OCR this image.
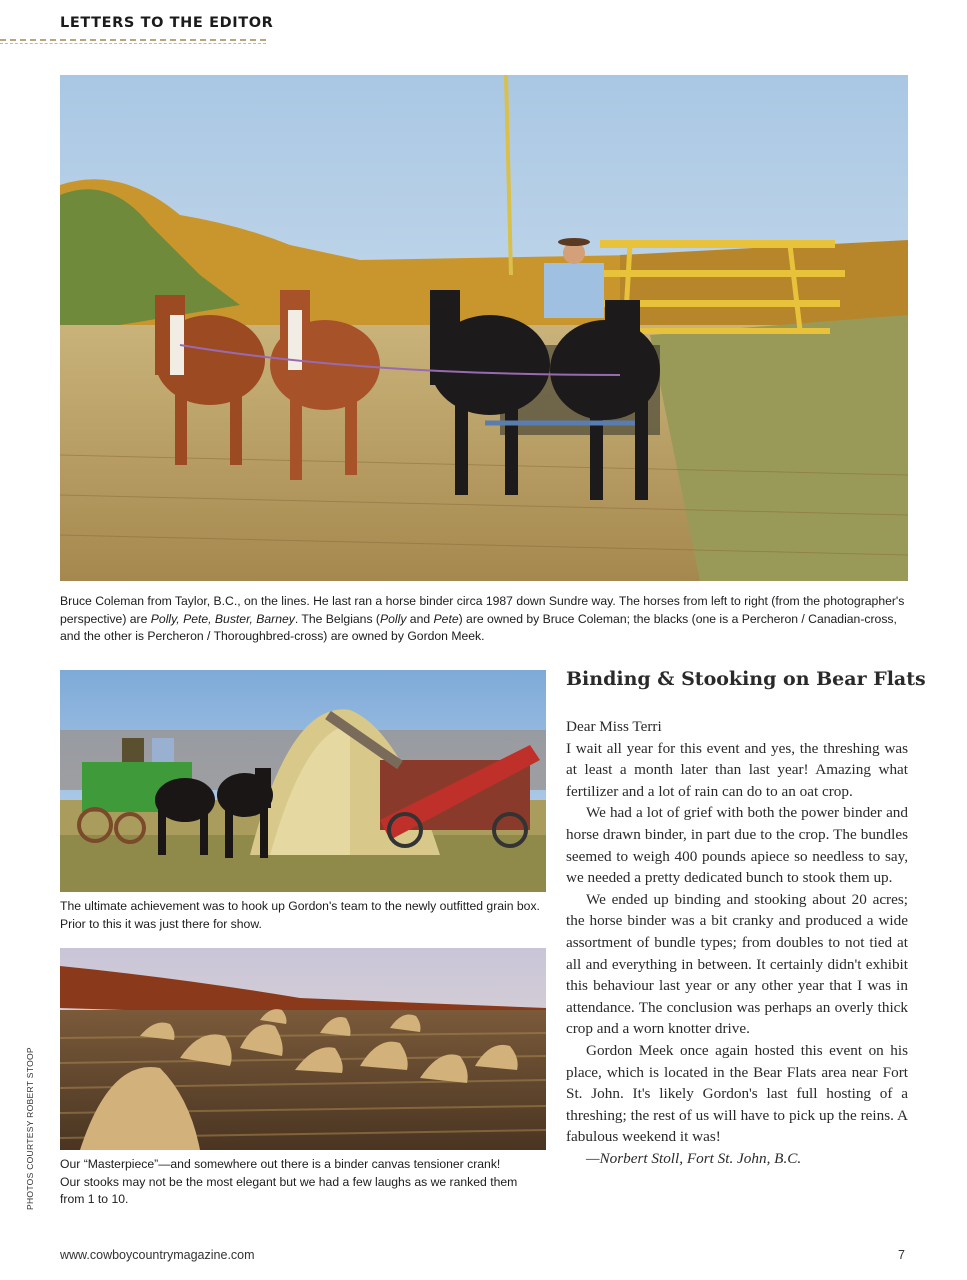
LETTERS TO THE EDITOR
Bruce Coleman from Taylor, B.C., on the lines. He last ran a horse binder circa 1987 down Sundre way. The horses from left to right (from the photographer's perspective) are Polly, Pete, Buster, Barney. The Belgians (Polly and Pete) are owned by Bruce Coleman; the blacks (one is a Percheron / Canadian-cross, and the other is Percheron / Thoroughbred-cross) are owned by Gordon Meek.
The ultimate achievement was to hook up Gordon's team to the newly outfitted grain box. Prior to this it was just there for show.
Our “Masterpiece”—and somewhere out there is a binder canvas tensioner crank! Our stooks may not be the most elegant but we had a few laughs as we ranked them from 1 to 10.
PHOTOS COURTESY ROBERT STOOP
Binding & Stooking on Bear Flats

Dear Miss Terri

I wait all year for this event and yes, the threshing was at least a month later than last year! Amazing what fertilizer and a lot of rain can do to an oat crop.

We had a lot of grief with both the power binder and horse drawn binder, in part due to the crop. The bundles seemed to weigh 400 pounds apiece so needless to say, we needed a pretty dedicated bunch to stook them up.

We ended up binding and stooking about 20 acres; the horse binder was a bit cranky and produced a wide assortment of bundle types; from doubles to not tied at all and everything in between. It certainly didn't exhibit this behaviour last year or any other year that I was in attendance. The conclusion was perhaps an overly thick crop and a worn knotter drive.

Gordon Meek once again hosted this event on his place, which is located in the Bear Flats area near Fort St. John. It's likely Gordon's last full hosting of a threshing; the rest of us will have to pick up the reins. A fabulous weekend it was!

—Norbert Stoll, Fort St. John, B.C.

www.cowboycountrymagazine.com	7
